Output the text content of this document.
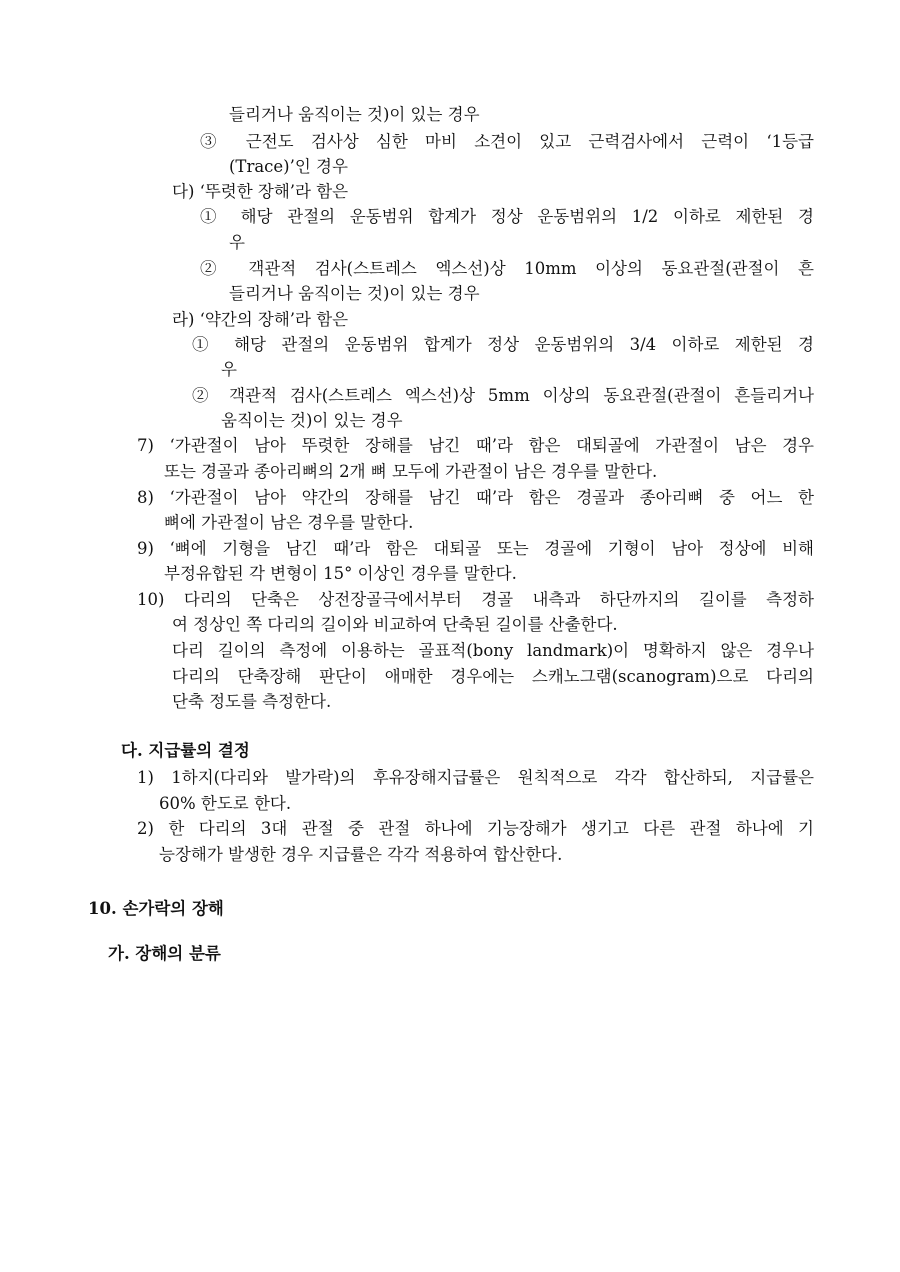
들리거나 움직이는 것)이 있는 경우
③ 근전도 검사상 심한 마비 소견이 있고 근력검사에서 근력이 ‘1등급
(Trace)’인 경우
다) ‘뚜렷한 장해’라 함은
① 해당 관절의 운동범위 합계가 정상 운동범위의 1/2 이하로 제한된 경
우
② 객관적 검사(스트레스 엑스선)상 10mm 이상의 동요관절(관절이 흔
들리거나 움직이는 것)이 있는 경우
라) ‘약간의 장해’라 함은
① 해당 관절의 운동범위 합계가 정상 운동범위의 3/4 이하로 제한된 경
우
② 객관적 검사(스트레스 엑스선)상 5mm 이상의 동요관절(관절이 흔들리거나
움직이는 것)이 있는 경우
7) ‘가관절이 남아 뚜렷한 장해를 남긴 때’라 함은 대퇴골에 가관절이 남은 경우
또는 경골과 종아리뼈의 2개 뼈 모두에 가관절이 남은 경우를 말한다.
8) ‘가관절이 남아 약간의 장해를 남긴 때’라 함은 경골과 종아리뼈 중 어느 한
뼈에 가관절이 남은 경우를 말한다.
9) ‘뼈에 기형을 남긴 때’라 함은 대퇴골 또는 경골에 기형이 남아 정상에 비해
부정유합된 각 변형이 15° 이상인 경우를 말한다.
10) 다리의 단축은 상전장골극에서부터 경골 내측과 하단까지의 길이를 측정하
여 정상인 쪽 다리의 길이와 비교하여 단축된 길이를 산출한다.
다리 길이의 측정에 이용하는 골표적(bony landmark)이 명확하지 않은 경우나
다리의 단축장해 판단이 애매한 경우에는 스캐노그램(scanogram)으로 다리의
단축 정도를 측정한다.
다. 지급률의 결정
1) 1하지(다리와 발가락)의 후유장해지급률은 원칙적으로 각각 합산하되, 지급률은
60% 한도로 한다.
2) 한 다리의 3대 관절 중 관절 하나에 기능장해가 생기고 다른 관절 하나에 기
능장해가 발생한 경우 지급률은 각각 적용하여 합산한다.
10. 손가락의 장해
가. 장해의 분류
